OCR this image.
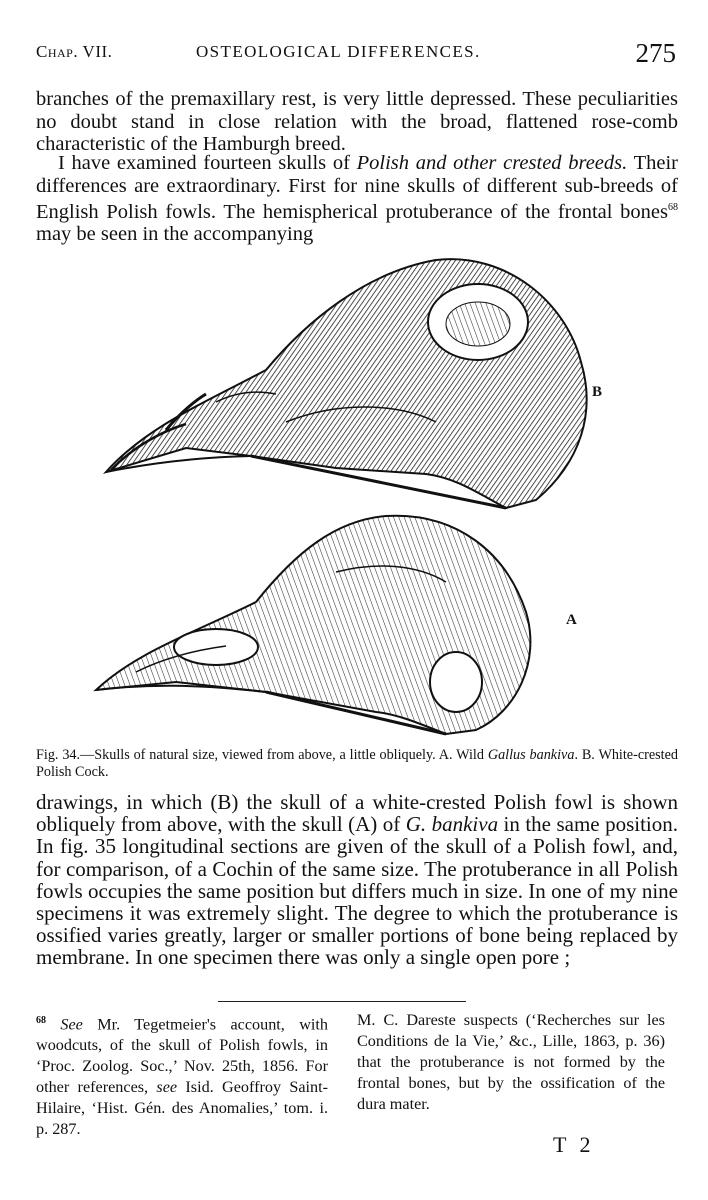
Chap. VII.	OSTEOLOGICAL DIFFERENCES.	275

branches of the premaxillary rest, is very little depressed. These peculiarities no doubt stand in close relation with the broad, flattened rose-comb characteristic of the Hamburgh breed.

I have examined fourteen skulls of Polish and other crested breeds. Their differences are extraordinary. First for nine skulls of different sub-breeds of English Polish fowls. The hemispherical protuberance of the frontal bones$^{68}$ may be seen in the accompanying

B
A

Fig. 34.—Skulls of natural size, viewed from above, a little obliquely. A. Wild Gallus bankiva. B. White-crested Polish Cock.

drawings, in which (B) the skull of a white-crested Polish fowl is shown obliquely from above, with the skull (A) of G. bankiva in the same position. In fig. 35 longitudinal sections are given of the skull of a Polish fowl, and, for comparison, of a Cochin of the same size. The protuberance in all Polish fowls occupies the same position but differs much in size. In one of my nine specimens it was extremely slight. The degree to which the protuberance is ossified varies greatly, larger or smaller portions of bone being replaced by membrane. In one specimen there was only a single open pore ;

$^{68}$ See Mr. Tegetmeier's account, with woodcuts, of the skull of Polish fowls, in ‘Proc. Zoolog. Soc.,’ Nov. 25th, 1856. For other references, see Isid. Geoffroy Saint-Hilaire, ‘Hist. Gén. des Anomalies,’ tom. i. p. 287.

M. C. Dareste suspects (‘Recherches sur les Conditions de la Vie,’ &c., Lille, 1863, p. 36) that the protuberance is not formed by the frontal bones, but by the ossification of the dura mater.

T 2
